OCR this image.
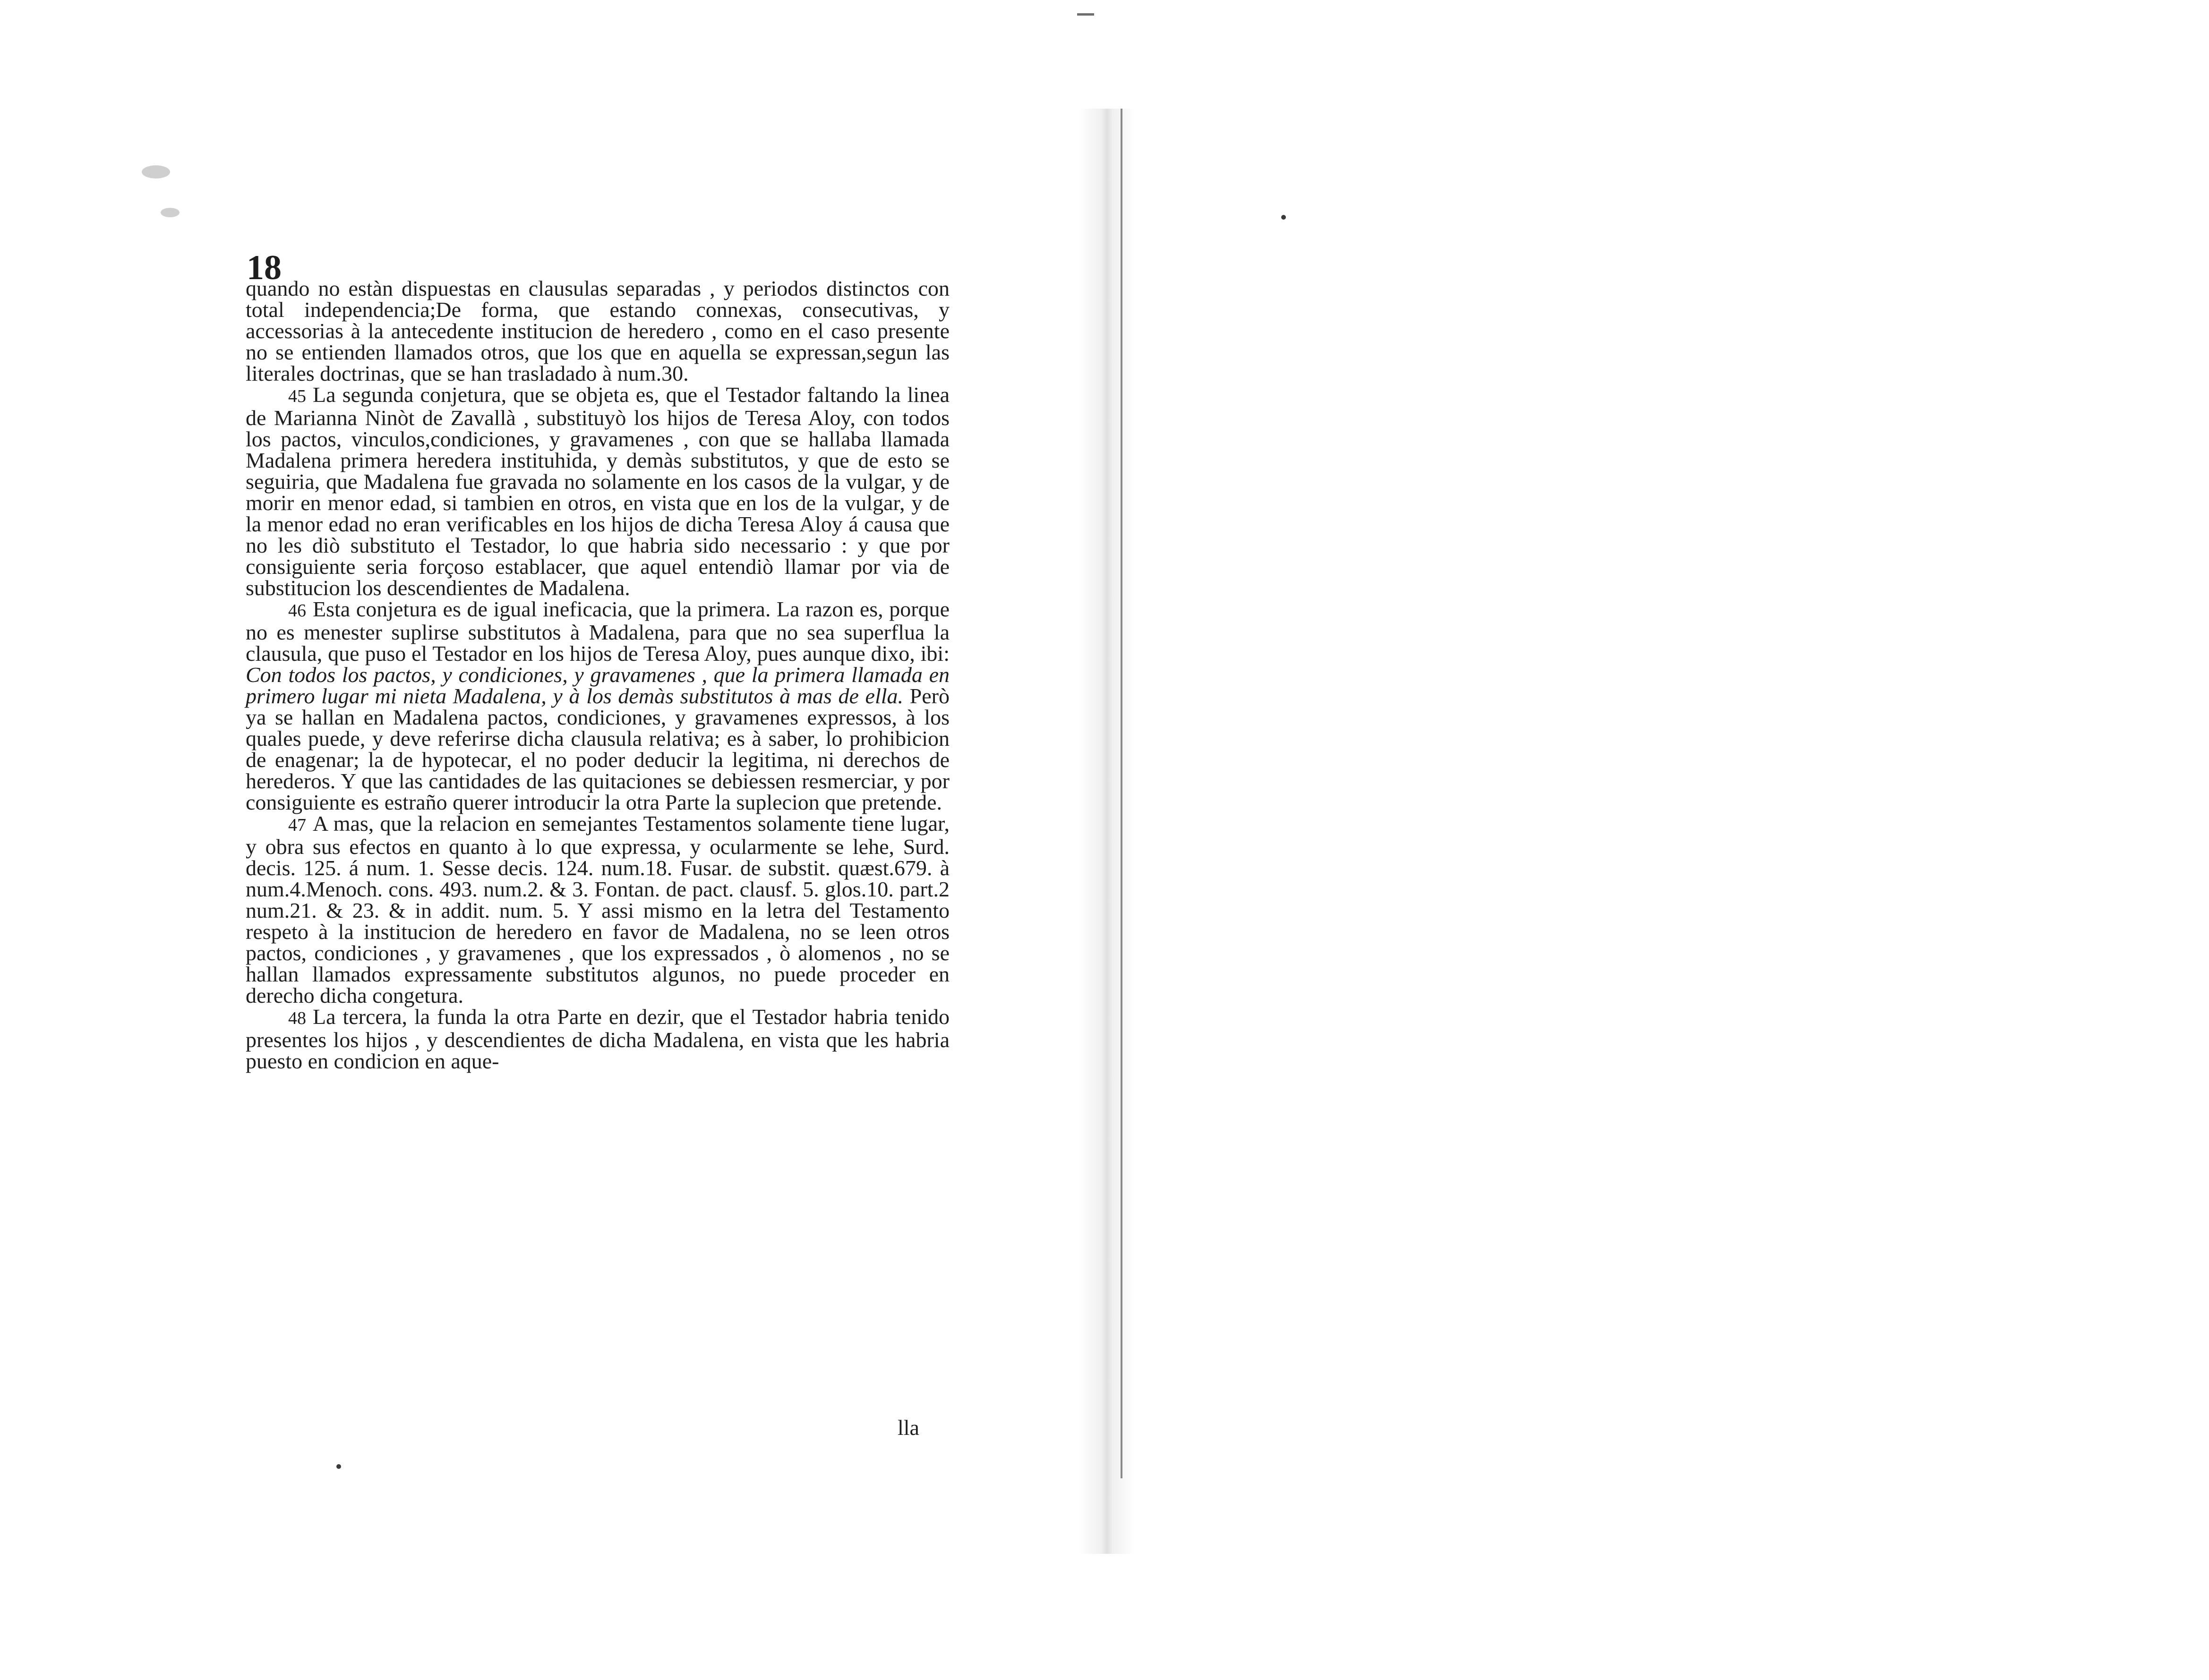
18

quando no estàn dispuestas en clausulas separadas , y periodos distinctos con total independencia;De forma, que estando connexas, consecutivas, y accessorias à la antecedente institucion de heredero , como en el caso presente no se entienden llamados otros, que los que en aquella se expressan,segun las literales doctrinas, que se han trasladado à num.30.

45 La segunda conjetura, que se objeta es, que el Testador faltando la linea de Marianna Ninòt de Zavallà , substituyò los hijos de Teresa Aloy, con todos los pactos, vinculos,condiciones, y gravamenes , con que se hallaba llamada Madalena primera heredera instituhida, y demàs substitutos, y que de esto se seguiria, que Madalena fue gravada no solamente en los casos de la vulgar, y de morir en menor edad, si tambien en otros, en vista que en los de la vulgar, y de la menor edad no eran verificables en los hijos de dicha Teresa Aloy á causa que no les diò substituto el Testador, lo que habria sido necessario : y que por consiguiente seria forçoso establacer, que aquel entendiò llamar por via de substitucion los descendientes de Madalena.

46 Esta conjetura es de igual ineficacia, que la primera. La razon es, porque no es menester suplirse substitutos à Madalena, para que no sea superflua la clausula, que puso el Testador en los hijos de Teresa Aloy, pues aunque dixo, ibi: Con todos los pactos, y condiciones, y gravamenes , que la primera llamada en primero lugar mi nieta Madalena, y à los demàs substitutos à mas de ella. Però ya se hallan en Madalena pactos, condiciones, y gravamenes expressos, à los quales puede, y deve referirse dicha clausula relativa; es à saber, lo prohibicion de enagenar; la de hypotecar, el no poder deducir la legitima, ni derechos de herederos. Y que las cantidades de las quitaciones se debiessen resmerciar, y por consiguiente es estraño querer introducir la otra Parte la suplecion que pretende.

47 A mas, que la relacion en semejantes Testamentos solamente tiene lugar, y obra sus efectos en quanto à lo que expressa, y ocularmente se lehe, Surd. decis. 125. á num. 1. Sesse decis. 124. num.18. Fusar. de substit. quæst.679. à num.4.Menoch. cons. 493. num.2. & 3. Fontan. de pact. clausf. 5. glos.10. part.2 num.21. & 23. & in addit. num. 5. Y assi mismo en la letra del Testamento respeto à la institucion de heredero en favor de Madalena, no se leen otros pactos, condiciones , y gravamenes , que los expressados , ò alomenos , no se hallan llamados expressamente substitutos algunos, no puede proceder en derecho dicha congetura.

48 La tercera, la funda la otra Parte en dezir, que el Testador habria tenido presentes los hijos , y descendientes de dicha Madalena, en vista que les habria puesto en condicion en aque-

lla
